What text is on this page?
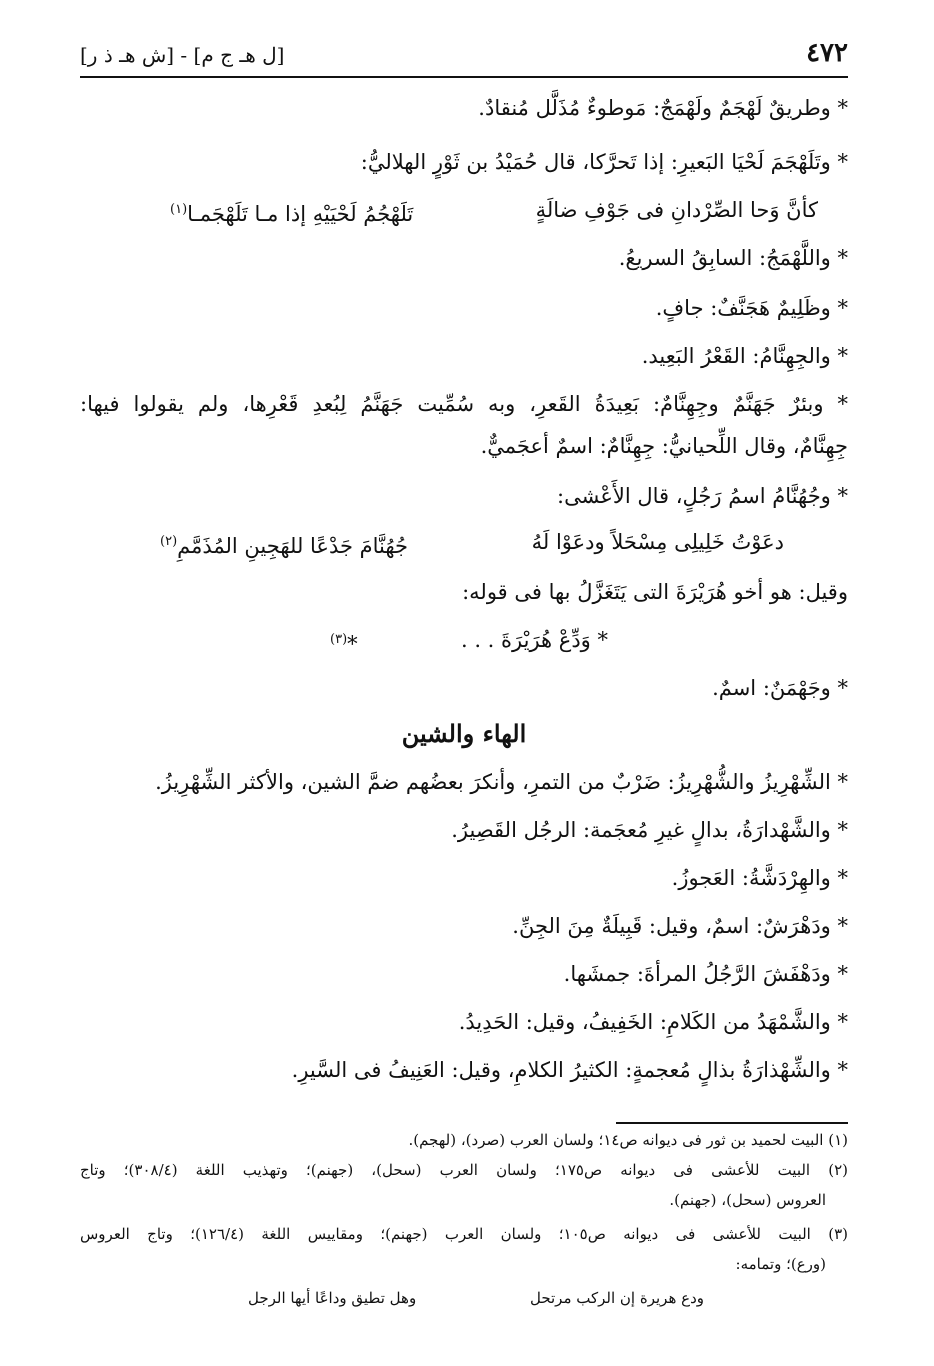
٤٧٢
[ل هـ ج م] - [ش هـ ذ ر]
* وطريقٌ لَهْجَمٌ ولَهْمَجٌ: مَوطوءٌ مُذَلَّل مُنقادٌ.
* وتَلَهْجَمَ لَحْيَا البَعيرِ: إذا تَحرَّكا، قال حُمَيْدُ بن ثَوْرٍ الهلاليُّ:
كأنَّ وَحا الصِّرْدانِ فى جَوْفِ ضالَةٍ
تَلَهْجُمُ لَحْيَيْهِ إذا مـا تَلَهْجَمـا$^{(١)}$
* واللَّهْمَجُ: السابِقُ السريعُ.
* وظَلِيمٌ هَجَنَّفٌ: جافٍ.
* والجِهِنَّامُ: القَعْرُ البَعِيد.
* وبئرٌ جَهَنَّمٌ وجِهِنَّامٌ: بَعِيدَةُ القَعرِ، وبه سُمِّيت جَهَنَّمُ لِبُعدِ قَعْرِها، ولم يقولوا فيها:
جِهِنَّامٌ، وقال اللِّحيانيُّ: جِهِنَّامٌ: اسمٌ أعجَميٌّ.
* وجُهُنَّامُ اسمُ رَجُلٍ، قال الأَعْشى:
دعَوْتُ خَلِيلِى مِسْحَلاً ودعَوْا لَهُ
جُهُنَّامَ جَدْعًا للهَجِينِ المُذَمَّمِ$^{(٢)}$
وقيل: هو أخو هُرَيْرَةَ التى يَتَغَزَّلُ بها فى قوله:
* وَدِّعْ هُرَيْرَةَ . . .
*$^{(٣)}$
* وجَهْمَنٌ: اسمٌ.
الهاء والشين
* الشِّهْرِيزُ والشُّهْرِيزُ: ضَرْبٌ من التمرِ، وأنكرَ بعضُهم ضمَّ الشين، والأكثر الشِّهْرِيزُ.
* والشَّهْدارَةُ، بدالٍ غيرِ مُعجَمة: الرجُل القَصِيرُ.
* والهِرْدَشَّةُ: العَجوزُ.
* ودَهْرَشٌ: اسمٌ، وقيل: قَبِيلَةٌ مِنَ الجِنِّ.
* ودَهْفَشَ الرَّجُلُ المرأةَ: جمشَها.
* والشَّمْهَدُ من الكَلامِ: الخَفِيفُ، وقيل: الحَدِيدُ.
* والشِّهْذارَةُ بذالٍ مُعجمةٍ: الكثيرُ الكلامِ، وقيل: العَنِيفُ فى السَّيرِ.
(١) البيت لحميد بن ثور فى ديوانه ص١٤؛ ولسان العرب (صرد)، (لهجم).
(٢) البيت للأعشى فى ديوانه ص١٧٥؛ ولسان العرب (سحل)، (جهنم)؛ وتهذيب اللغة (٣٠٨/٤)؛ وتاج
العروس (سحل)، (جهنم).
(٣) البيت للأعشى فى ديوانه ص١٠٥؛ ولسان العرب (جهنم)؛ ومقاييس اللغة (١٢٦/٤)؛ وتاج العروس
(ورع)؛ وتمامه:
ودع هريرة إن الركب مرتحل
وهل تطيق وداعًا أيها الرجل
